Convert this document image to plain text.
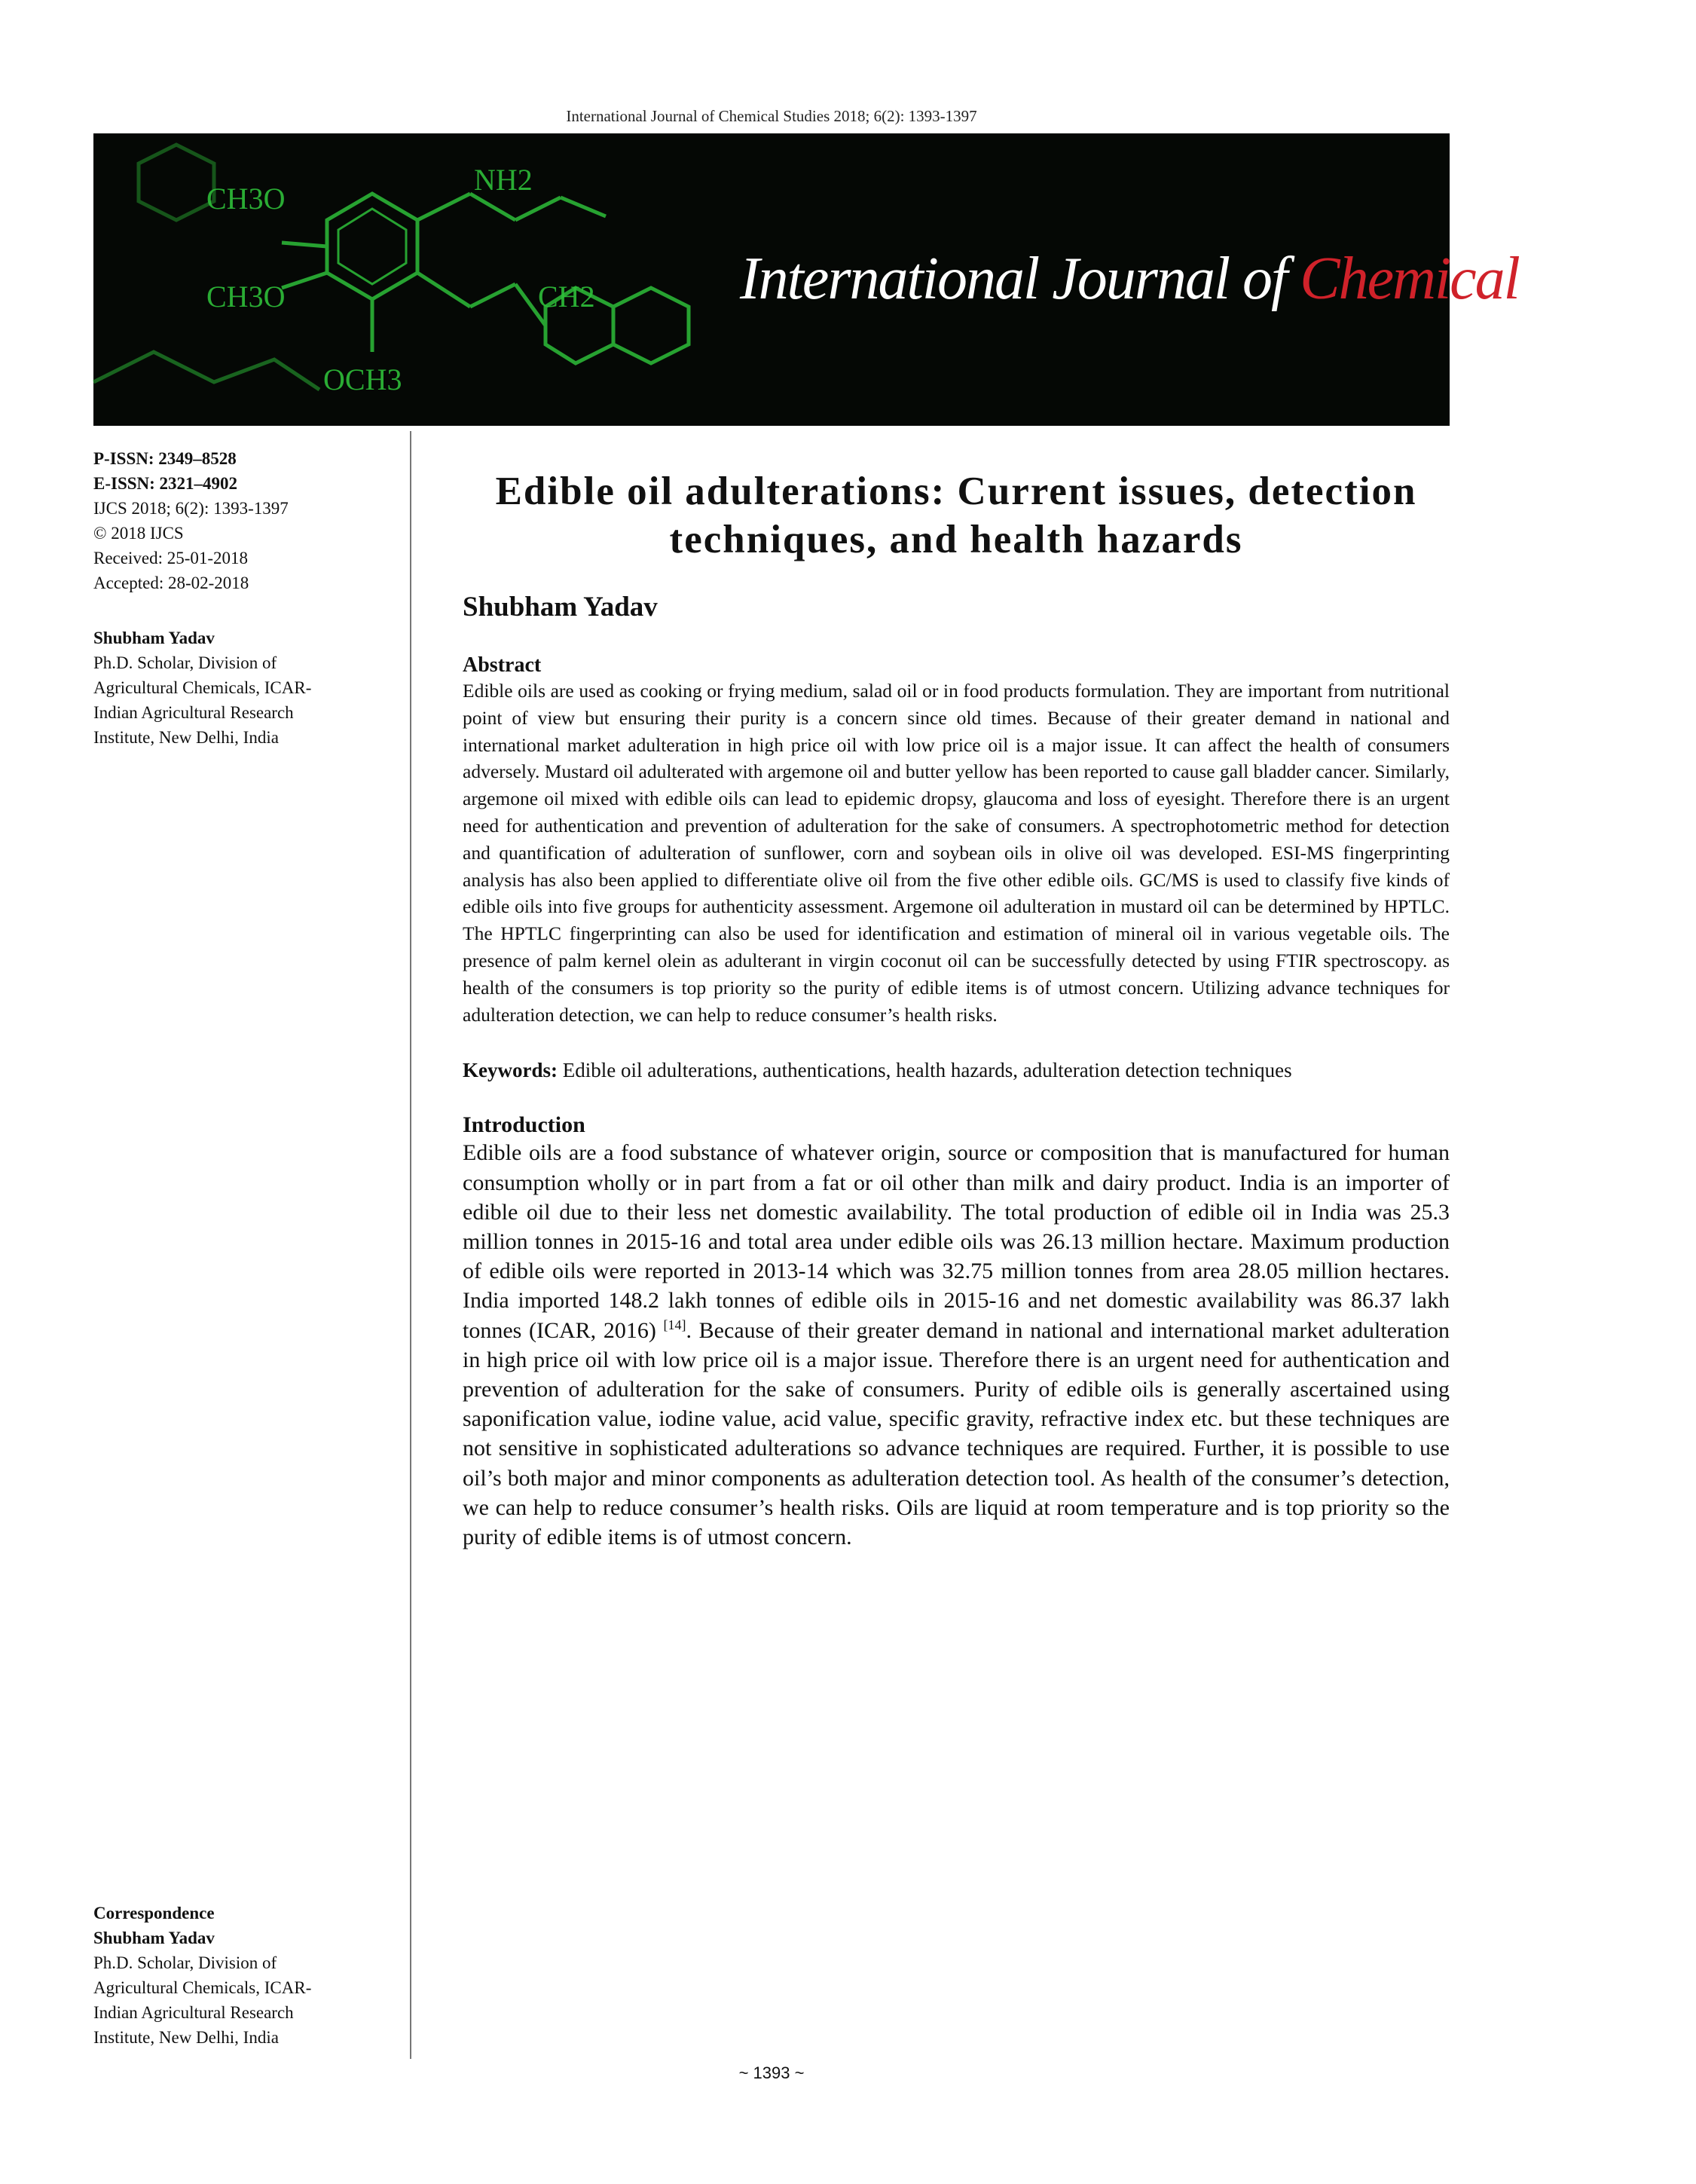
International Journal of Chemical Studies 2018; 6(2): 1393-1397
CH3O
CH3O
NH2
OCH3
CH2 International Journal of Chemical Studies
P-ISSN: 2349–8528
E-ISSN: 2321–4902
IJCS 2018; 6(2): 1393-1397
© 2018 IJCS
Received: 25-01-2018
Accepted: 28-02-2018
Shubham Yadav
Ph.D. Scholar, Division of
Agricultural Chemicals, ICAR-
Indian Agricultural Research
Institute, New Delhi, India
Correspondence
Shubham Yadav
Ph.D. Scholar, Division of
Agricultural Chemicals, ICAR-
Indian Agricultural Research
Institute, New Delhi, India
Edible oil adulterations: Current issues, detection techniques, and health hazards
Shubham Yadav
Abstract

Edible oils are used as cooking or frying medium, salad oil or in food products formulation. They are important from nutritional point of view but ensuring their purity is a concern since old times. Because of their greater demand in national and international market adulteration in high price oil with low price oil is a major issue. It can affect the health of consumers adversely. Mustard oil adulterated with argemone oil and butter yellow has been reported to cause gall bladder cancer. Similarly, argemone oil mixed with edible oils can lead to epidemic dropsy, glaucoma and loss of eyesight. Therefore there is an urgent need for authentication and prevention of adulteration for the sake of consumers. A spectrophotometric method for detection and quantification of adulteration of sunflower, corn and soybean oils in olive oil was developed. ESI-MS fingerprinting analysis has also been applied to differentiate olive oil from the five other edible oils. GC/MS is used to classify five kinds of edible oils into five groups for authenticity assessment. Argemone oil adulteration in mustard oil can be determined by HPTLC. The HPTLC fingerprinting can also be used for identification and estimation of mineral oil in various vegetable oils. The presence of palm kernel olein as adulterant in virgin coconut oil can be successfully detected by using FTIR spectroscopy. as health of the consumers is top priority so the purity of edible items is of utmost concern. Utilizing advance techniques for adulteration detection, we can help to reduce consumer’s health risks.

Keywords: Edible oil adulterations, authentications, health hazards, adulteration detection techniques
Introduction

Edible oils are a food substance of whatever origin, source or composition that is manufactured for human consumption wholly or in part from a fat or oil other than milk and dairy product. India is an importer of edible oil due to their less net domestic availability. The total production of edible oil in India was 25.3 million tonnes in 2015-16 and total area under edible oils was 26.13 million hectare. Maximum production of edible oils were reported in 2013-14 which was 32.75 million tonnes from area 28.05 million hectares. India imported 148.2 lakh tonnes of edible oils in 2015-16 and net domestic availability was 86.37 lakh tonnes (ICAR, 2016) [14]. Because of their greater demand in national and international market adulteration in high price oil with low price oil is a major issue. Therefore there is an urgent need for authentication and prevention of adulteration for the sake of consumers. Purity of edible oils is generally ascertained using saponification value, iodine value, acid value, specific gravity, refractive index etc. but these techniques are not sensitive in sophisticated adulterations so advance techniques are required. Further, it is possible to use oil’s both major and minor components as adulteration detection tool. As health of the consumer’s detection, we can help to reduce consumer’s health risks. Oils are liquid at room temperature and is top priority so the purity of edible items is of utmost concern.

~ 1393 ~
